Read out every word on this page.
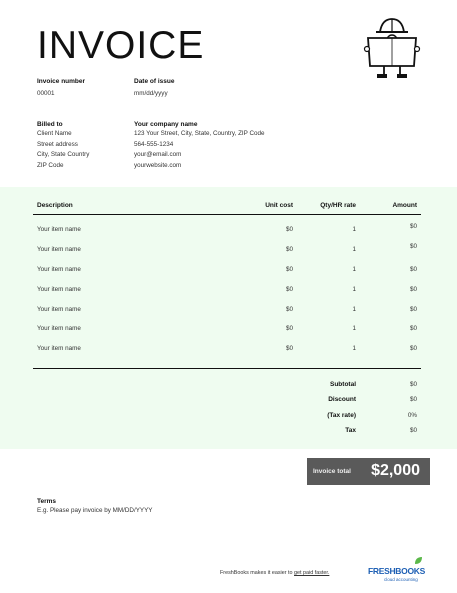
INVOICE
Invoice number
00001
Date of issue
mm/dd/yyyy
Billed to
Client Name
Street address
City, State Country
ZIP Code
Your company name
123 Your Street, City, State, Country, ZIP Code
564-555-1234
your@email.com
yourwebsite.com
Description	Unit cost	Qty/HR rate	Amount
Your item name	$0	1	$0
Your item name	$0	1	$0
Your item name	$0	1	$0
Your item name	$0	1	$0
Your item name	$0	1	$0
Your item name	$0	1	$0
Your item name	$0	1	$0
Subtotal	$0
Discount	$0
(Tax rate)	0%
Tax	$0
Invoice total $2,000
Terms
E.g. Please pay invoice by MM/DD/YYYY
FreshBooks makes it easier to get paid faster.	FRESHBOOKS
cloud accounting
